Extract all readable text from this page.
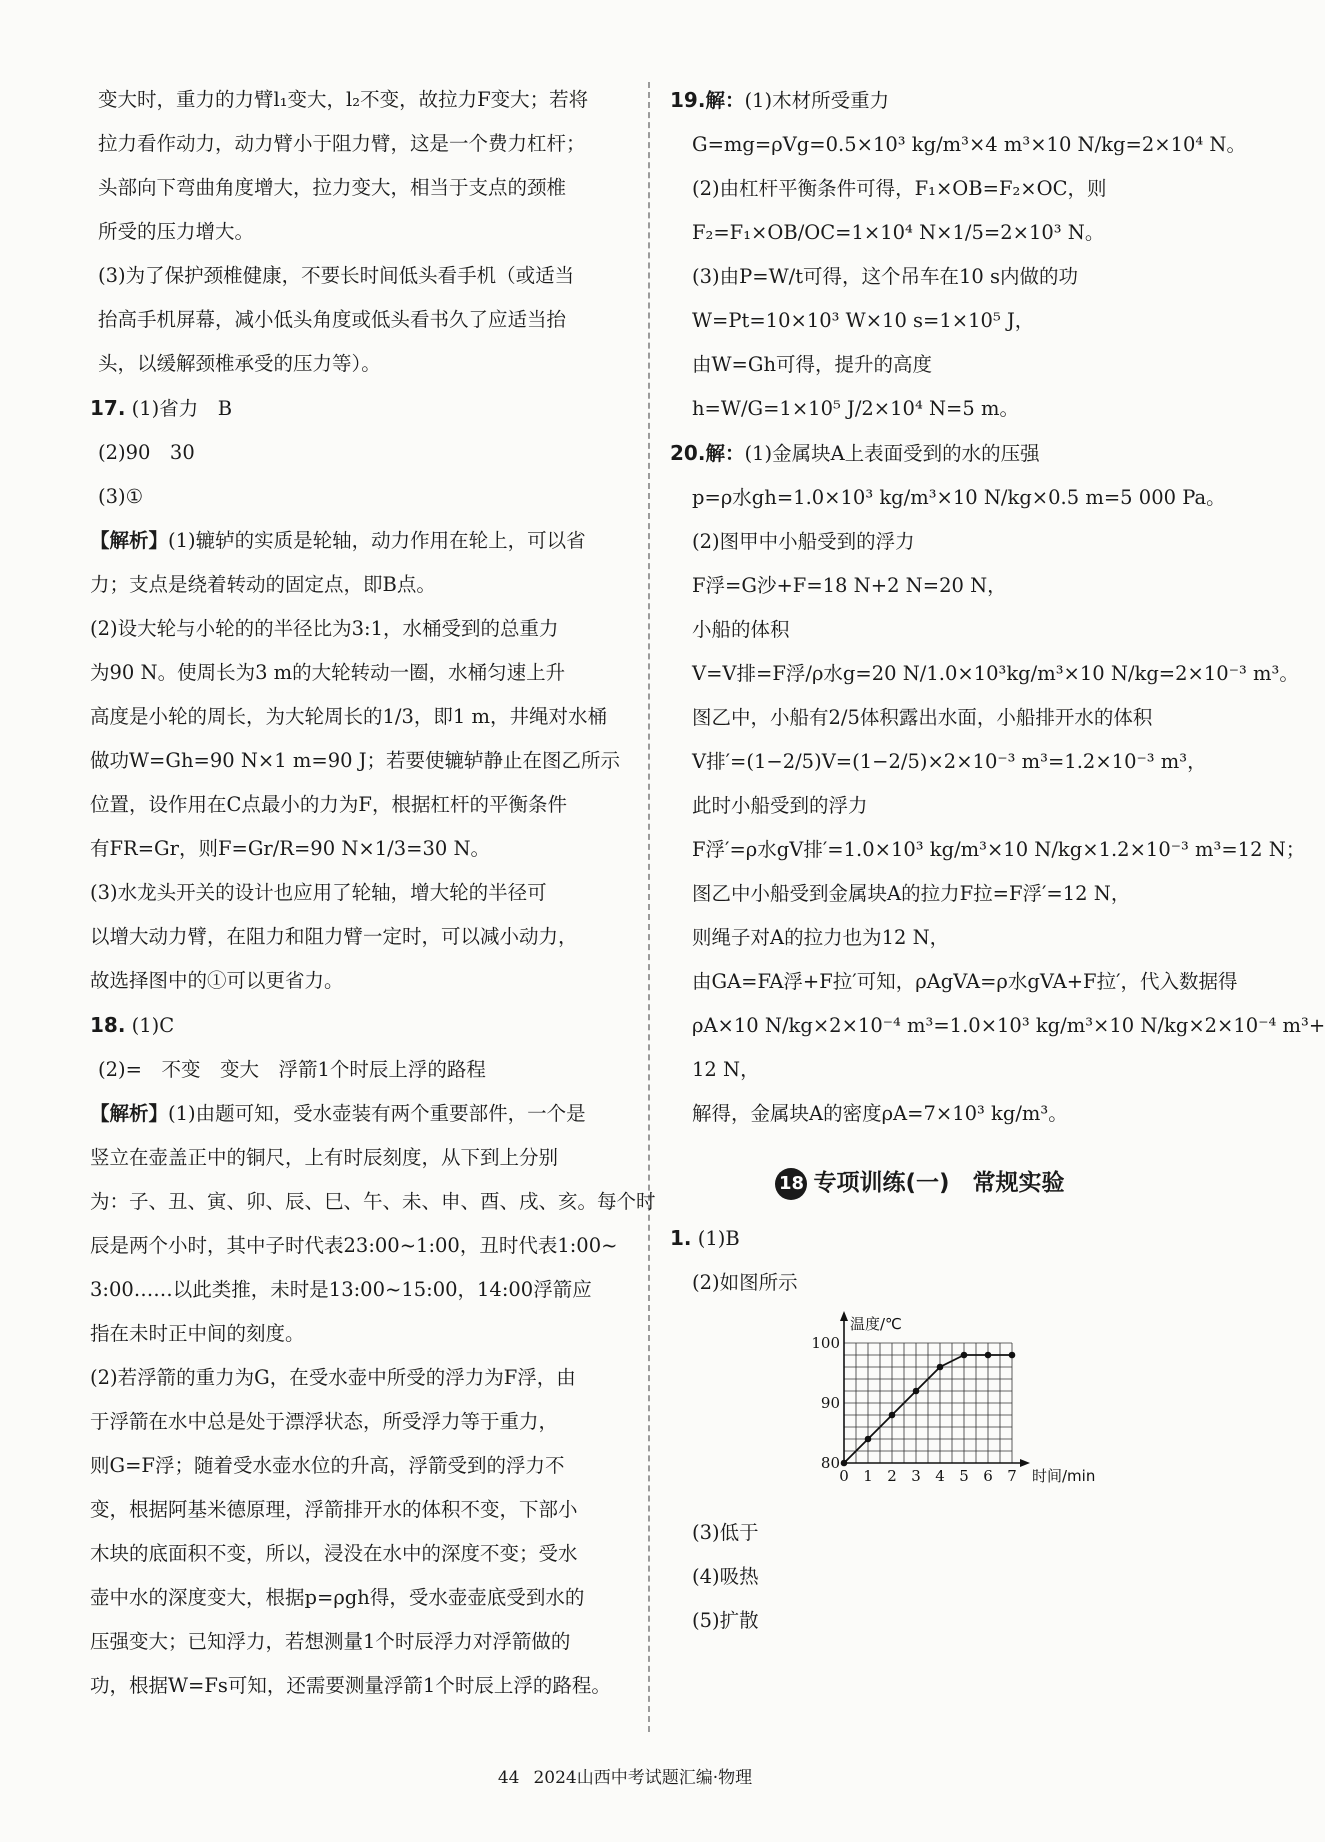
变大时，重力的力臂l₁变大，l₂不变，故拉力F变大；若将
拉力看作动力，动力臂小于阻力臂，这是一个费力杠杆；
头部向下弯曲角度增大，拉力变大，相当于支点的颈椎
所受的压力增大。
(3)为了保护颈椎健康，不要长时间低头看手机（或适当
抬高手机屏幕，减小低头角度或低头看书久了应适当抬
头，以缓解颈椎承受的压力等）。
17. (1)省力　B
(2)90　30
(3)①
【解析】(1)辘轳的实质是轮轴，动力作用在轮上，可以省
力；支点是绕着转动的固定点，即B点。
(2)设大轮与小轮的的半径比为3:1，水桶受到的总重力
为90 N。使周长为3 m的大轮转动一圈，水桶匀速上升
高度是小轮的周长，为大轮周长的1/3，即1 m，井绳对水桶
做功W=Gh=90 N×1 m=90 J；若要使辘轳静止在图乙所示
位置，设作用在C点最小的力为F，根据杠杆的平衡条件
有FR=Gr，则F=Gr/R=90 N×1/3=30 N。
(3)水龙头开关的设计也应用了轮轴，增大轮的半径可
以增大动力臂，在阻力和阻力臂一定时，可以减小动力，
故选择图中的①可以更省力。
18. (1)C
(2)=　不变　变大　浮箭1个时辰上浮的路程
【解析】(1)由题可知，受水壶装有两个重要部件，一个是
竖立在壶盖正中的铜尺，上有时辰刻度，从下到上分别
为：子、丑、寅、卯、辰、巳、午、未、申、酉、戌、亥。每个时
辰是两个小时，其中子时代表23:00~1:00，丑时代表1:00~
3:00……以此类推，未时是13:00~15:00，14:00浮箭应
指在未时正中间的刻度。
(2)若浮箭的重力为G，在受水壶中所受的浮力为F浮，由
于浮箭在水中总是处于漂浮状态，所受浮力等于重力，
则G=F浮；随着受水壶水位的升高，浮箭受到的浮力不
变，根据阿基米德原理，浮箭排开水的体积不变，下部小
木块的底面积不变，所以，浸没在水中的深度不变；受水
壶中水的深度变大，根据p=ρgh得，受水壶壶底受到水的
压强变大；已知浮力，若想测量1个时辰浮力对浮箭做的
功，根据W=Fs可知，还需要测量浮箭1个时辰上浮的路程。
19.解：(1)木材所受重力
G=mg=ρVg=0.5×10³ kg/m³×4 m³×10 N/kg=2×10⁴ N。
(2)由杠杆平衡条件可得，F₁×OB=F₂×OC，则
F₂=F₁×OB/OC=1×10⁴ N×1/5=2×10³ N。
(3)由P=W/t可得，这个吊车在10 s内做的功
W=Pt=10×10³ W×10 s=1×10⁵ J，
由W=Gh可得，提升的高度
h=W/G=1×10⁵ J/2×10⁴ N=5 m。
20.解：(1)金属块A上表面受到的水的压强
p=ρ水gh=1.0×10³ kg/m³×10 N/kg×0.5 m=5 000 Pa。
(2)图甲中小船受到的浮力
F浮=G沙+F=18 N+2 N=20 N，
小船的体积
V=V排=F浮/ρ水g=20 N/1.0×10³kg/m³×10 N/kg=2×10⁻³ m³。
图乙中，小船有2/5体积露出水面，小船排开水的体积
V排′=(1−2/5)V=(1−2/5)×2×10⁻³ m³=1.2×10⁻³ m³，
此时小船受到的浮力
F浮′=ρ水gV排′=1.0×10³ kg/m³×10 N/kg×1.2×10⁻³ m³=12 N；
图乙中小船受到金属块A的拉力F拉=F浮′=12 N，
则绳子对A的拉力也为12 N，
由GA=FA浮+F拉′可知，ρAgVA=ρ水gVA+F拉′，代入数据得
ρA×10 N/kg×2×10⁻⁴ m³=1.0×10³ kg/m³×10 N/kg×2×10⁻⁴ m³+
12 N，
解得，金属块A的密度ρA=7×10³ kg/m³。
18 专项训练(一)　常规实验
1. (1)B
(2)如图所示
0 1 2 3 4 5 6 7
80
90
100
温度/℃
时间/min
(3)低于
(4)吸热
(5)扩散
44 2024山西中考试题汇编·物理
